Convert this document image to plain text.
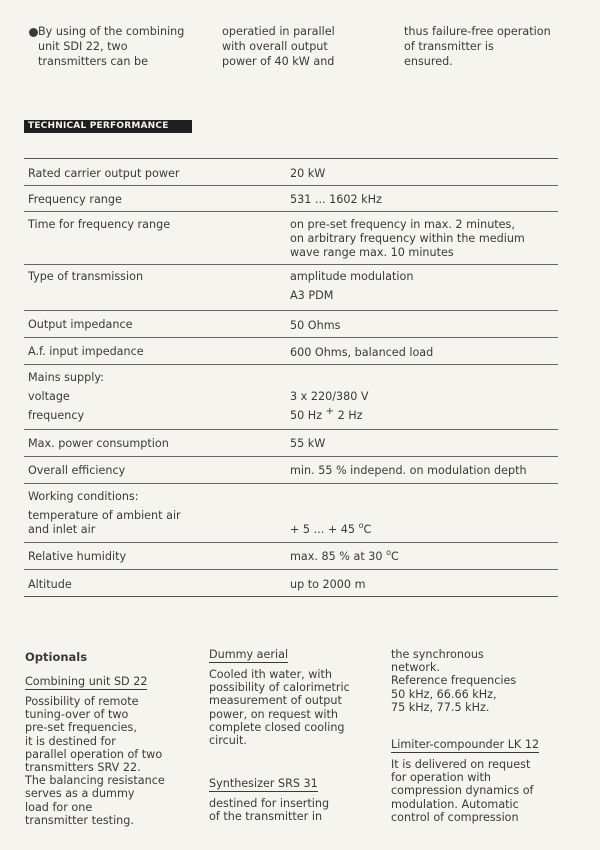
By using of the combining
unit SDI 22, two
transmitters can be
operatied in parallel
with overall output
power of 40 kW and
thus failure-free operation
of transmitter is
ensured.
TECHNICAL PERFORMANCE DATA
Rated carrier output power	20 kW
Frequency range	531 ... 1602 kHz
Time for frequency range	on pre-set frequency in max. 2 minutes,
on arbitrary frequency within the medium
wave range max. 10 minutes
Type of transmission	amplitude modulation
A3 PDM
Output impedance	50 Ohms
A.f. input impedance	600 Ohms, balanced load
Mains supply:
voltage	3 x 220/380 V
frequency	50 Hz + 2 Hz
Max. power consumption	55 kW
Overall efficiency	min. 55 % independ. on modulation depth
Working conditions:
temperature of ambient air
and inlet air	+ 5 ... + 45 $^o$C
Relative humidity	max. 85 % at 30 $^o$C
Altitude	up to 2000 m
Optionals
Combining unit SD 22
Possibility of remote
tuning-over of two
pre-set frequencies,
it is destined for
parallel operation of two
transmitters SRV 22.
The balancing resistance
serves as a dummy
load for one
transmitter testing.
Dummy aerial
Cooled ith water, with
possibility of calorimetric
measurement of output
power, on request with
complete closed cooling
circuit.
Synthesizer SRS 31
destined for inserting
of the transmitter in
the synchronous
network.
Reference frequencies
50 kHz, 66.66 kHz,
75 kHz, 77.5 kHz.
Limiter-compounder LK 12
It is delivered on request
for operation with
compression dynamics of
modulation. Automatic
control of compression
